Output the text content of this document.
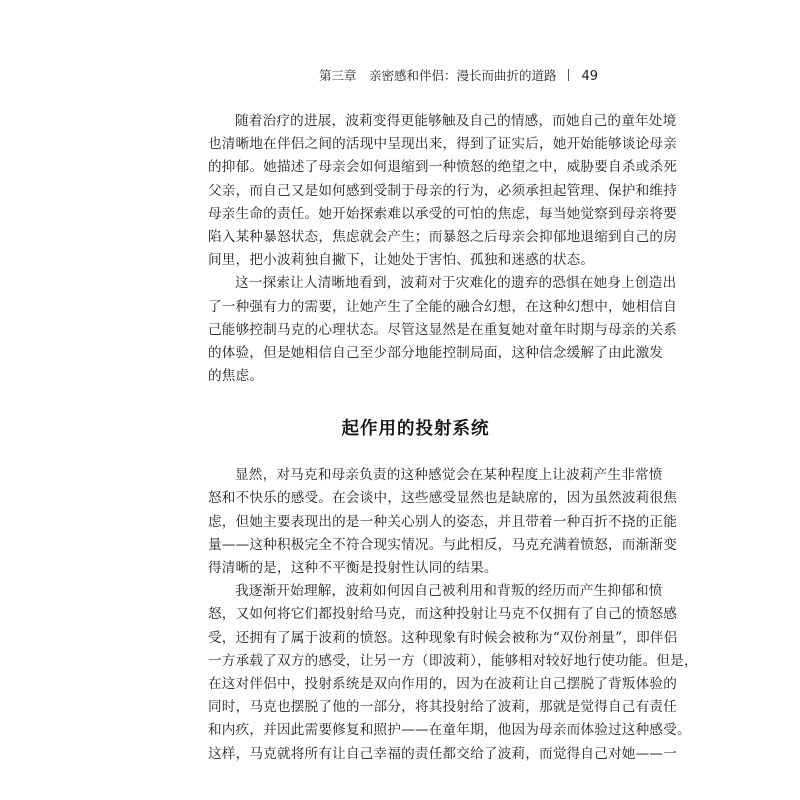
第三章　亲密感和伴侣：漫长而曲折的道路 49
随着治疗的进展，波莉变得更能够触及自己的情感，而她自己的童年处境
也清晰地在伴侣之间的活现中呈现出来，得到了证实后，她开始能够谈论母亲
的抑郁。她描述了母亲会如何退缩到一种愤怒的绝望之中，威胁要自杀或杀死
父亲，而自己又是如何感到受制于母亲的行为，必须承担起管理、保护和维持
母亲生命的责任。她开始探索难以承受的可怕的焦虑，每当她觉察到母亲将要
陷入某种暴怒状态，焦虑就会产生；而暴怒之后母亲会抑郁地退缩到自己的房
间里，把小波莉独自撇下，让她处于害怕、孤独和迷惑的状态。
这一探索让人清晰地看到，波莉对于灾难化的遗弃的恐惧在她身上创造出
了一种强有力的需要，让她产生了全能的融合幻想，在这种幻想中，她相信自
己能够控制马克的心理状态。尽管这显然是在重复她对童年时期与母亲的关系
的体验，但是她相信自己至少部分地能控制局面，这种信念缓解了由此激发
的焦虑。
起作用的投射系统
显然，对马克和母亲负责的这种感觉会在某种程度上让波莉产生非常愤
怒和不快乐的感受。在会谈中，这些感受显然也是缺席的，因为虽然波莉很焦
虑，但她主要表现出的是一种关心别人的姿态，并且带着一种百折不挠的正能
量——这种积极完全不符合现实情况。与此相反，马克充满着愤怒，而渐渐变
得清晰的是，这种不平衡是投射性认同的结果。
我逐渐开始理解，波莉如何因自己被利用和背叛的经历而产生抑郁和愤
怒，又如何将它们都投射给马克，而这种投射让马克不仅拥有了自己的愤怒感
受，还拥有了属于波莉的愤怒。这种现象有时候会被称为“双份剂量”，即伴侣
一方承载了双方的感受，让另一方（即波莉），能够相对较好地行使功能。但是，
在这对伴侣中，投射系统是双向作用的，因为在波莉让自己摆脱了背叛体验的
同时，马克也摆脱了他的一部分，将其投射给了波莉，那就是觉得自己有责任
和内疚，并因此需要修复和照护——在童年期，他因为母亲而体验过这种感受。
这样，马克就将所有让自己幸福的责任都交给了波莉，而觉得自己对她——一
